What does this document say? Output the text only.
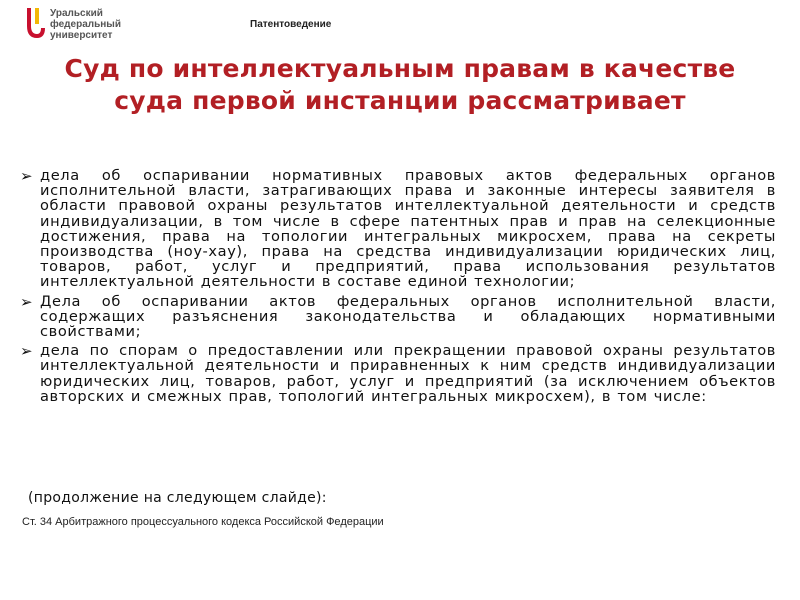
Уральский
федеральный
университет
Патентоведение
Суд по интеллектуальным правам в качестве суда первой инстанции рассматривает
➢ дела об оспаривании нормативных правовых актов федеральных органов исполнительной власти, затрагивающих права и законные интересы заявителя в области правовой охраны результатов интеллектуальной деятельности и средств индивидуализации, в том числе в сфере патентных прав и прав на селекционные достижения, права на топологии интегральных микросхем, права на секреты производства (ноу-хау), права на средства индивидуализации юридических лиц, товаров, работ, услуг и предприятий, права использования результатов интеллектуальной деятельности в составе единой технологии;
➢ Дела об оспаривании актов федеральных органов исполнительной власти, содержащих разъяснения законодательства и обладающих нормативными свойствами;
➢ дела по спорам о предоставлении или прекращении правовой охраны результатов интеллектуальной деятельности и приравненных к ним средств индивидуализации юридических лиц, товаров, работ, услуг и предприятий (за исключением объектов авторских и смежных прав, топологий интегральных микросхем), в том числе:
(продолжение на следующем слайде):
Ст. 34 Арбитражного процессуального кодекса Российской Федерации
